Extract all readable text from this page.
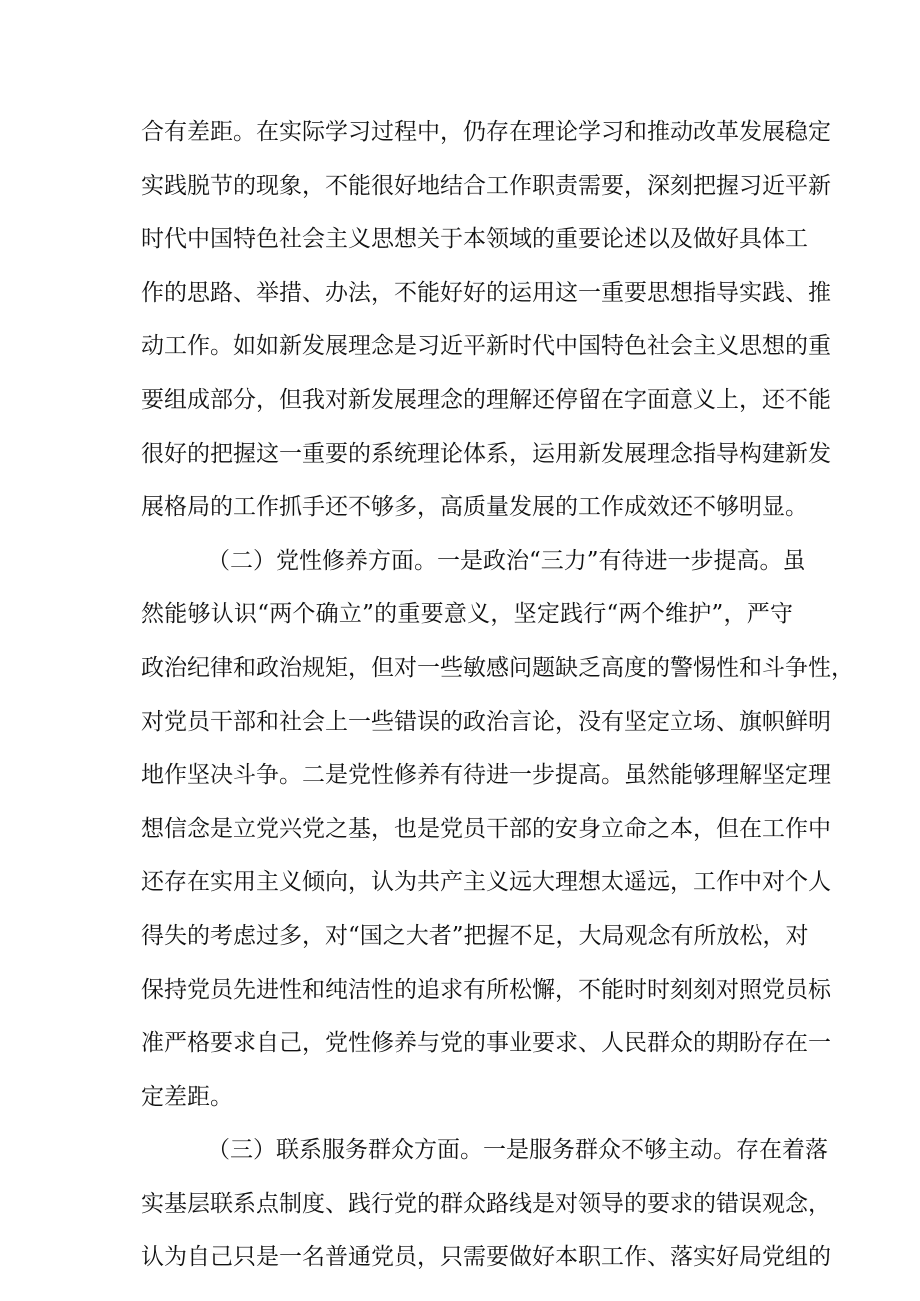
合有差距。在实际学习过程中，仍存在理论学习和推动改革发展稳定
实践脱节的现象，不能很好地结合工作职责需要，深刻把握习近平新
时代中国特色社会主义思想关于本领域的重要论述以及做好具体工
作的思路、举措、办法，不能好好的运用这一重要思想指导实践、推
动工作。如如新发展理念是习近平新时代中国特色社会主义思想的重
要组成部分，但我对新发展理念的理解还停留在字面意义上，还不能
很好的把握这一重要的系统理论体系，运用新发展理念指导构建新发
展格局的工作抓手还不够多，高质量发展的工作成效还不够明显。
（二）党性修养方面。一是政治“三力”有待进一步提高。虽
然能够认识“两个确立”的重要意义，坚定践行“两个维护”，严守
政治纪律和政治规矩，但对一些敏感问题缺乏高度的警惕性和斗争性，
对党员干部和社会上一些错误的政治言论，没有坚定立场、旗帜鲜明
地作坚决斗争。二是党性修养有待进一步提高。虽然能够理解坚定理
想信念是立党兴党之基，也是党员干部的安身立命之本，但在工作中
还存在实用主义倾向，认为共产主义远大理想太遥远，工作中对个人
得失的考虑过多，对“国之大者”把握不足，大局观念有所放松，对
保持党员先进性和纯洁性的追求有所松懈，不能时时刻刻对照党员标
准严格要求自己，党性修养与党的事业要求、人民群众的期盼存在一
定差距。
（三）联系服务群众方面。一是服务群众不够主动。存在着落
实基层联系点制度、践行党的群众路线是对领导的要求的错误观念，
认为自己只是一名普通党员，只需要做好本职工作、落实好局党组的
